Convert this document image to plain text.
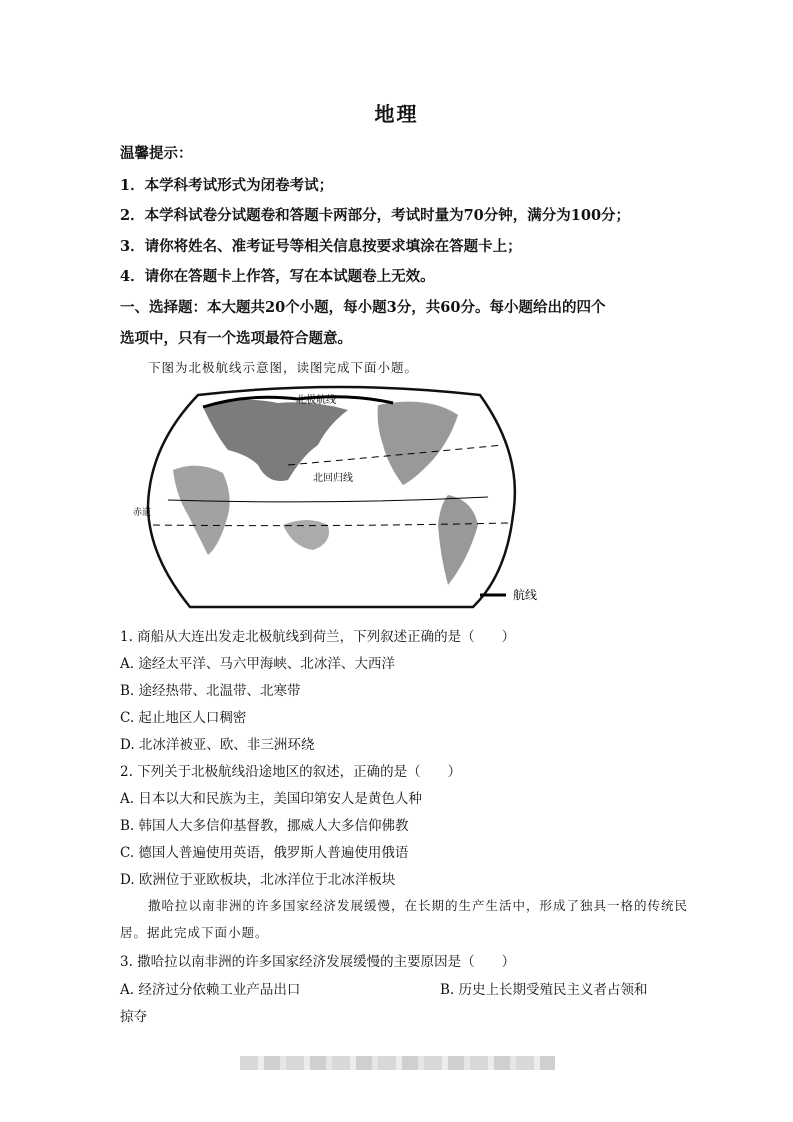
地理
温馨提示：
1．本学科考试形式为闭卷考试；
2．本学科试卷分试题卷和答题卡两部分，考试时量为70分钟，满分为100分；
3．请你将姓名、准考证号等相关信息按要求填涂在答题卡上；
4．请你在答题卡上作答，写在本试题卷上无效。
一、选择题：本大题共20个小题，每小题3分，共60分。每小题给出的四个
选项中，只有一个选项最符合题意。
下图为北极航线示意图，读图完成下面小题。
北极航线
北回归线
赤道
航线
1. 商船从大连出发走北极航线到荷兰，下列叙述正确的是（　　）
A. 途经太平洋、马六甲海峡、北冰洋、大西洋
B. 途经热带、北温带、北寒带
C. 起止地区人口稠密
D. 北冰洋被亚、欧、非三洲环绕
2. 下列关于北极航线沿途地区的叙述，正确的是（　　）
A. 日本以大和民族为主，美国印第安人是黄色人种
B. 韩国人大多信仰基督教，挪威人大多信仰佛教
C. 德国人普遍使用英语，俄罗斯人普遍使用俄语
D. 欧洲位于亚欧板块，北冰洋位于北冰洋板块
撒哈拉以南非洲的许多国家经济发展缓慢，在长期的生产生活中，形成了独具一格的传统民居。据此完成下面小题。
3. 撒哈拉以南非洲的许多国家经济发展缓慢的主要原因是（　　）
A. 经济过分依赖工业产品出口	B. 历史上长期受殖民主义者占领和
掠夺
